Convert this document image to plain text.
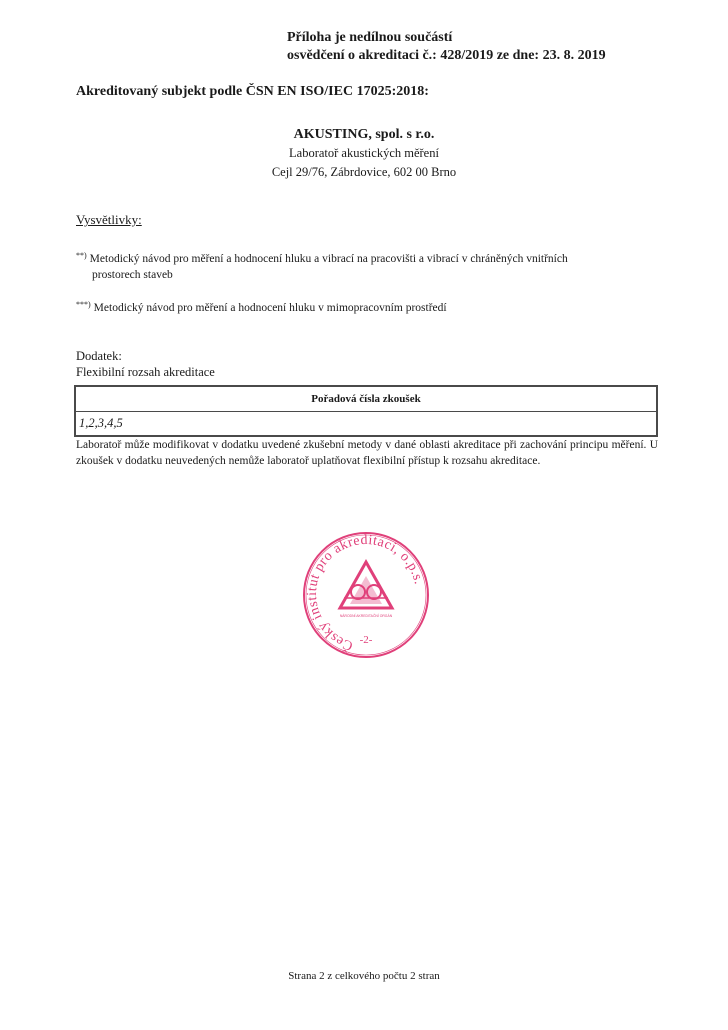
Příloha je nedílnou součástí
osvědčení o akreditaci č.: 428/2019 ze dne: 23. 8. 2019
Akreditovaný subjekt podle ČSN EN ISO/IEC 17025:2018:
AKUSTING, spol. s r.o.
Laboratoř akustických měření
Cejl 29/76, Zábrdovice, 602 00 Brno
Vysvětlivky:
**) Metodický návod pro měření a hodnocení hluku a vibrací na pracovišti a vibrací v chráněných vnitřních
prostorech staveb
***) Metodický návod pro měření a hodnocení hluku v mimopracovním prostředí
Dodatek:
Flexibilní rozsah akreditace
Pořadová čísla zkoušek
1,2,3,4,5
Laboratoř může modifikovat v dodatku uvedené zkušební metody v dané oblasti akreditace při zachování principu měření. U zkoušek v dodatku neuvedených nemůže laboratoř uplatňovat flexibilní přístup k rozsahu akreditace.
Český institut pro akreditaci, o.p.s.
NÁRODNÍ AKREDITAČNÍ ORGÁN
-2-
Strana 2 z celkového počtu 2 stran
